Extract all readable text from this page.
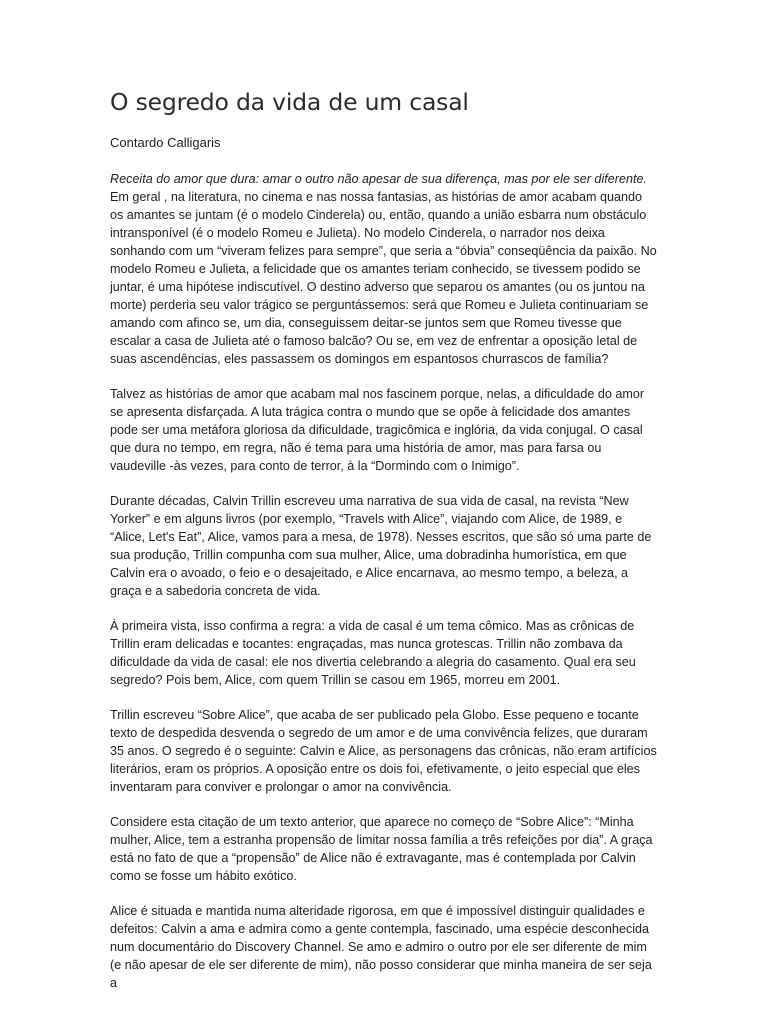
O segredo da vida de um casal
Contardo Calligaris

Receita do amor que dura: amar o outro não apesar de sua diferença, mas por ele ser diferente.
Em geral , na literatura, no cinema e nas nossa fantasias, as histórias de amor acabam quando os amantes se juntam (é o modelo Cinderela) ou, então, quando a união esbarra num obstáculo intransponível (é o modelo Romeu e Julieta). No modelo Cinderela, o narrador nos deixa sonhando com um “viveram felizes para sempre”, que seria a “óbvia” conseqüência da paixão. No modelo Romeu e Julieta, a felicidade que os amantes teriam conhecido, se tivessem podido se juntar, é uma hipótese indiscutível. O destino adverso que separou os amantes (ou os juntou na morte) perderia seu valor trágico se perguntássemos: será que Romeu e Julieta continuariam se amando com afinco se, um dia, conseguissem deitar-se juntos sem que Romeu tivesse que escalar a casa de Julieta até o famoso balcão? Ou se, em vez de enfrentar a oposição letal de suas ascendências, eles passassem os domingos em espantosos churrascos de família?

Talvez as histórias de amor que acabam mal nos fascinem porque, nelas, a dificuldade do amor se apresenta disfarçada. A luta trágica contra o mundo que se opõe à felicidade dos amantes pode ser uma metáfora gloriosa da dificuldade, tragicômica e inglória, da vida conjugal. O casal que dura no tempo, em regra, não é tema para uma história de amor, mas para farsa ou vaudeville -às vezes, para conto de terror, à la “Dormindo com o Inimigo”.

Durante décadas, Calvin Trillin escreveu uma narrativa de sua vida de casal, na revista “New Yorker” e em alguns livros (por exemplo, “Travels with Alice”, viajando com Alice, de 1989, e “Alice, Let's Eat”, Alice, vamos para a mesa, de 1978). Nesses escritos, que são só uma parte de sua produção, Trillin compunha com sua mulher, Alice, uma dobradinha humorística, em que Calvin era o avoado, o feio e o desajeitado, e Alice encarnava, ao mesmo tempo, a beleza, a graça e a sabedoria concreta de vida.

À primeira vista, isso confirma a regra: a vida de casal é um tema cômico. Mas as crônicas de Trillin eram delicadas e tocantes: engraçadas, mas nunca grotescas. Trillin não zombava da dificuldade da vida de casal: ele nos divertia celebrando a alegria do casamento. Qual era seu segredo? Pois bem, Alice, com quem Trillin se casou em 1965, morreu em 2001.

Trillin escreveu “Sobre Alice”, que acaba de ser publicado pela Globo. Esse pequeno e tocante texto de despedida desvenda o segredo de um amor e de uma convivência felizes, que duraram 35 anos. O segredo é o seguinte: Calvin e Alice, as personagens das crônicas, não eram artifícios literários, eram os próprios. A oposição entre os dois foi, efetivamente, o jeito especial que eles inventaram para conviver e prolongar o amor na convivência.

Considere esta citação de um texto anterior, que aparece no começo de “Sobre Alice”: “Minha mulher, Alice, tem a estranha propensão de limitar nossa família a três refeições por dia”. A graça está no fato de que a “propensão” de Alice não é extravagante, mas é contemplada por Calvin como se fosse um hábito exótico.

Alice é situada e mantida numa alteridade rigorosa, em que é impossível distinguir qualidades e defeitos: Calvin a ama e admira como a gente contempla, fascinado, uma espécie desconhecida num documentário do Discovery Channel. Se amo e admiro o outro por ele ser diferente de mim (e não apesar de ele ser diferente de mim), não posso considerar que minha maneira de ser seja a
